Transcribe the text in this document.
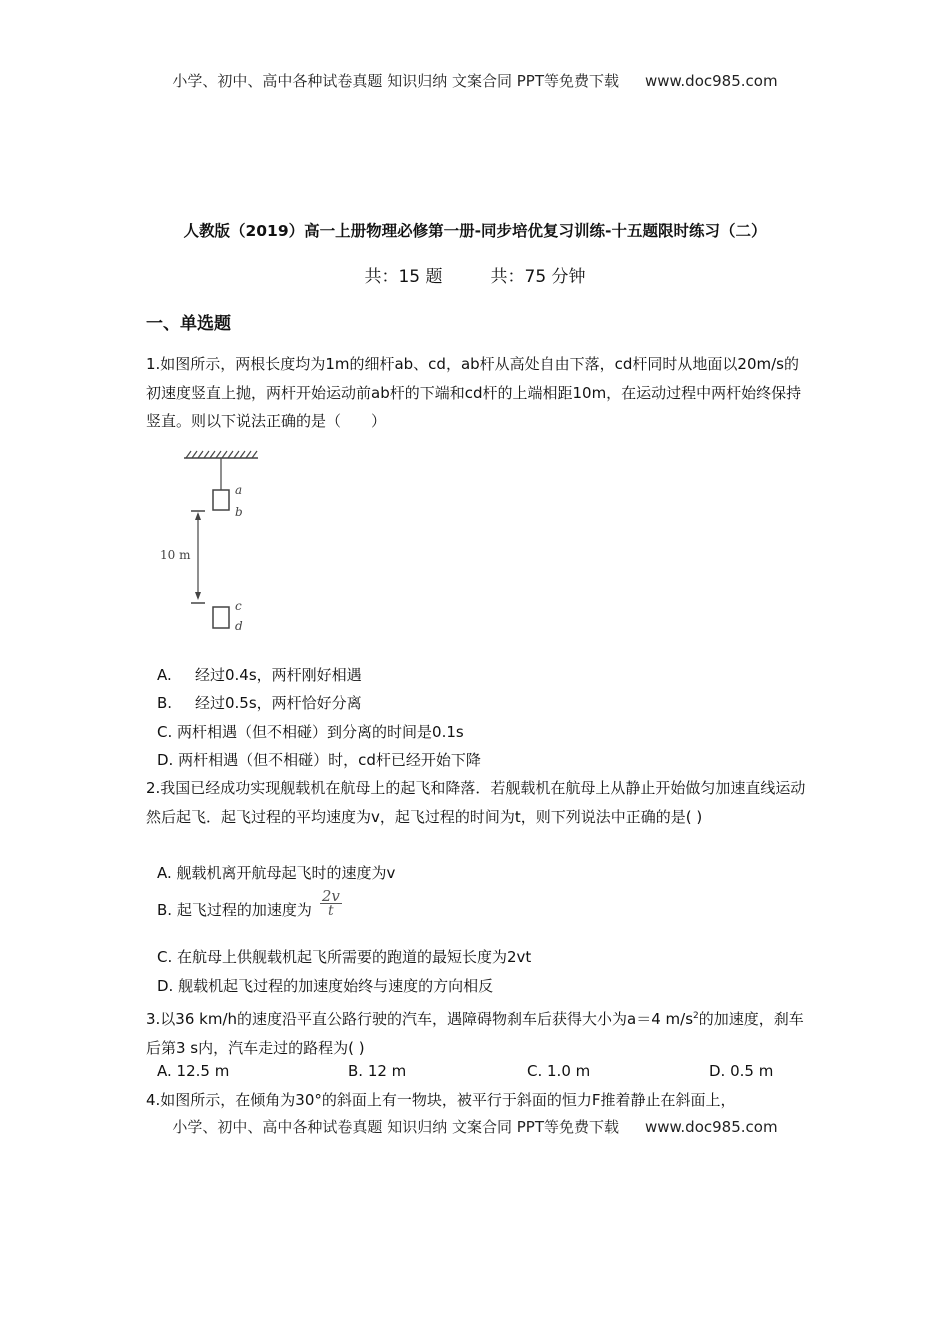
小学、初中、高中各种试卷真题 知识归纳 文案合同 PPT等免费下载 www.doc985.com
人教版（2019）高一上册物理必修第一册-同步培优复习训练-十五题限时练习（二）
共：15 题	共：75 分钟
一、单选题
1.如图所示，两根长度均为1m的细杆ab、cd，ab杆从高处自由下落，cd杆同时从地面以20m/s的初速度竖直上抛，两杆开始运动前ab杆的下端和cd杆的上端相距10m，在运动过程中两杆始终保持竖直。则以下说法正确的是（　　）
a
b
10 m
c
d
A. 经过0.4s，两杆刚好相遇
B. 经过0.5s，两杆恰好分离
C. 两杆相遇（但不相碰）到分离的时间是0.1s
D. 两杆相遇（但不相碰）时，cd杆已经开始下降
2.我国已经成功实现舰载机在航母上的起飞和降落．若舰载机在航母上从静止开始做匀加速直线运动然后起飞．起飞过程的平均速度为v，起飞过程的时间为t，则下列说法中正确的是( )
A. 舰载机离开航母起飞时的速度为v
B. 起飞过程的加速度为 $\frac{2v}{t}$
C. 在航母上供舰载机起飞所需要的跑道的最短长度为2vt
D. 舰载机起飞过程的加速度始终与速度的方向相反
3.以36 km/h的速度沿平直公路行驶的汽车，遇障碍物刹车后获得大小为a＝4 $m/s^2$的加速度，刹车后第3 s内，汽车走过的路程为( )
A. 12.5 m	B. 12 m	C. 1.0 m	D. 0.5 m
4.如图所示，在倾角为30°的斜面上有一物块，被平行于斜面的恒力F推着静止在斜面上，
小学、初中、高中各种试卷真题 知识归纳 文案合同 PPT等免费下载 www.doc985.com
